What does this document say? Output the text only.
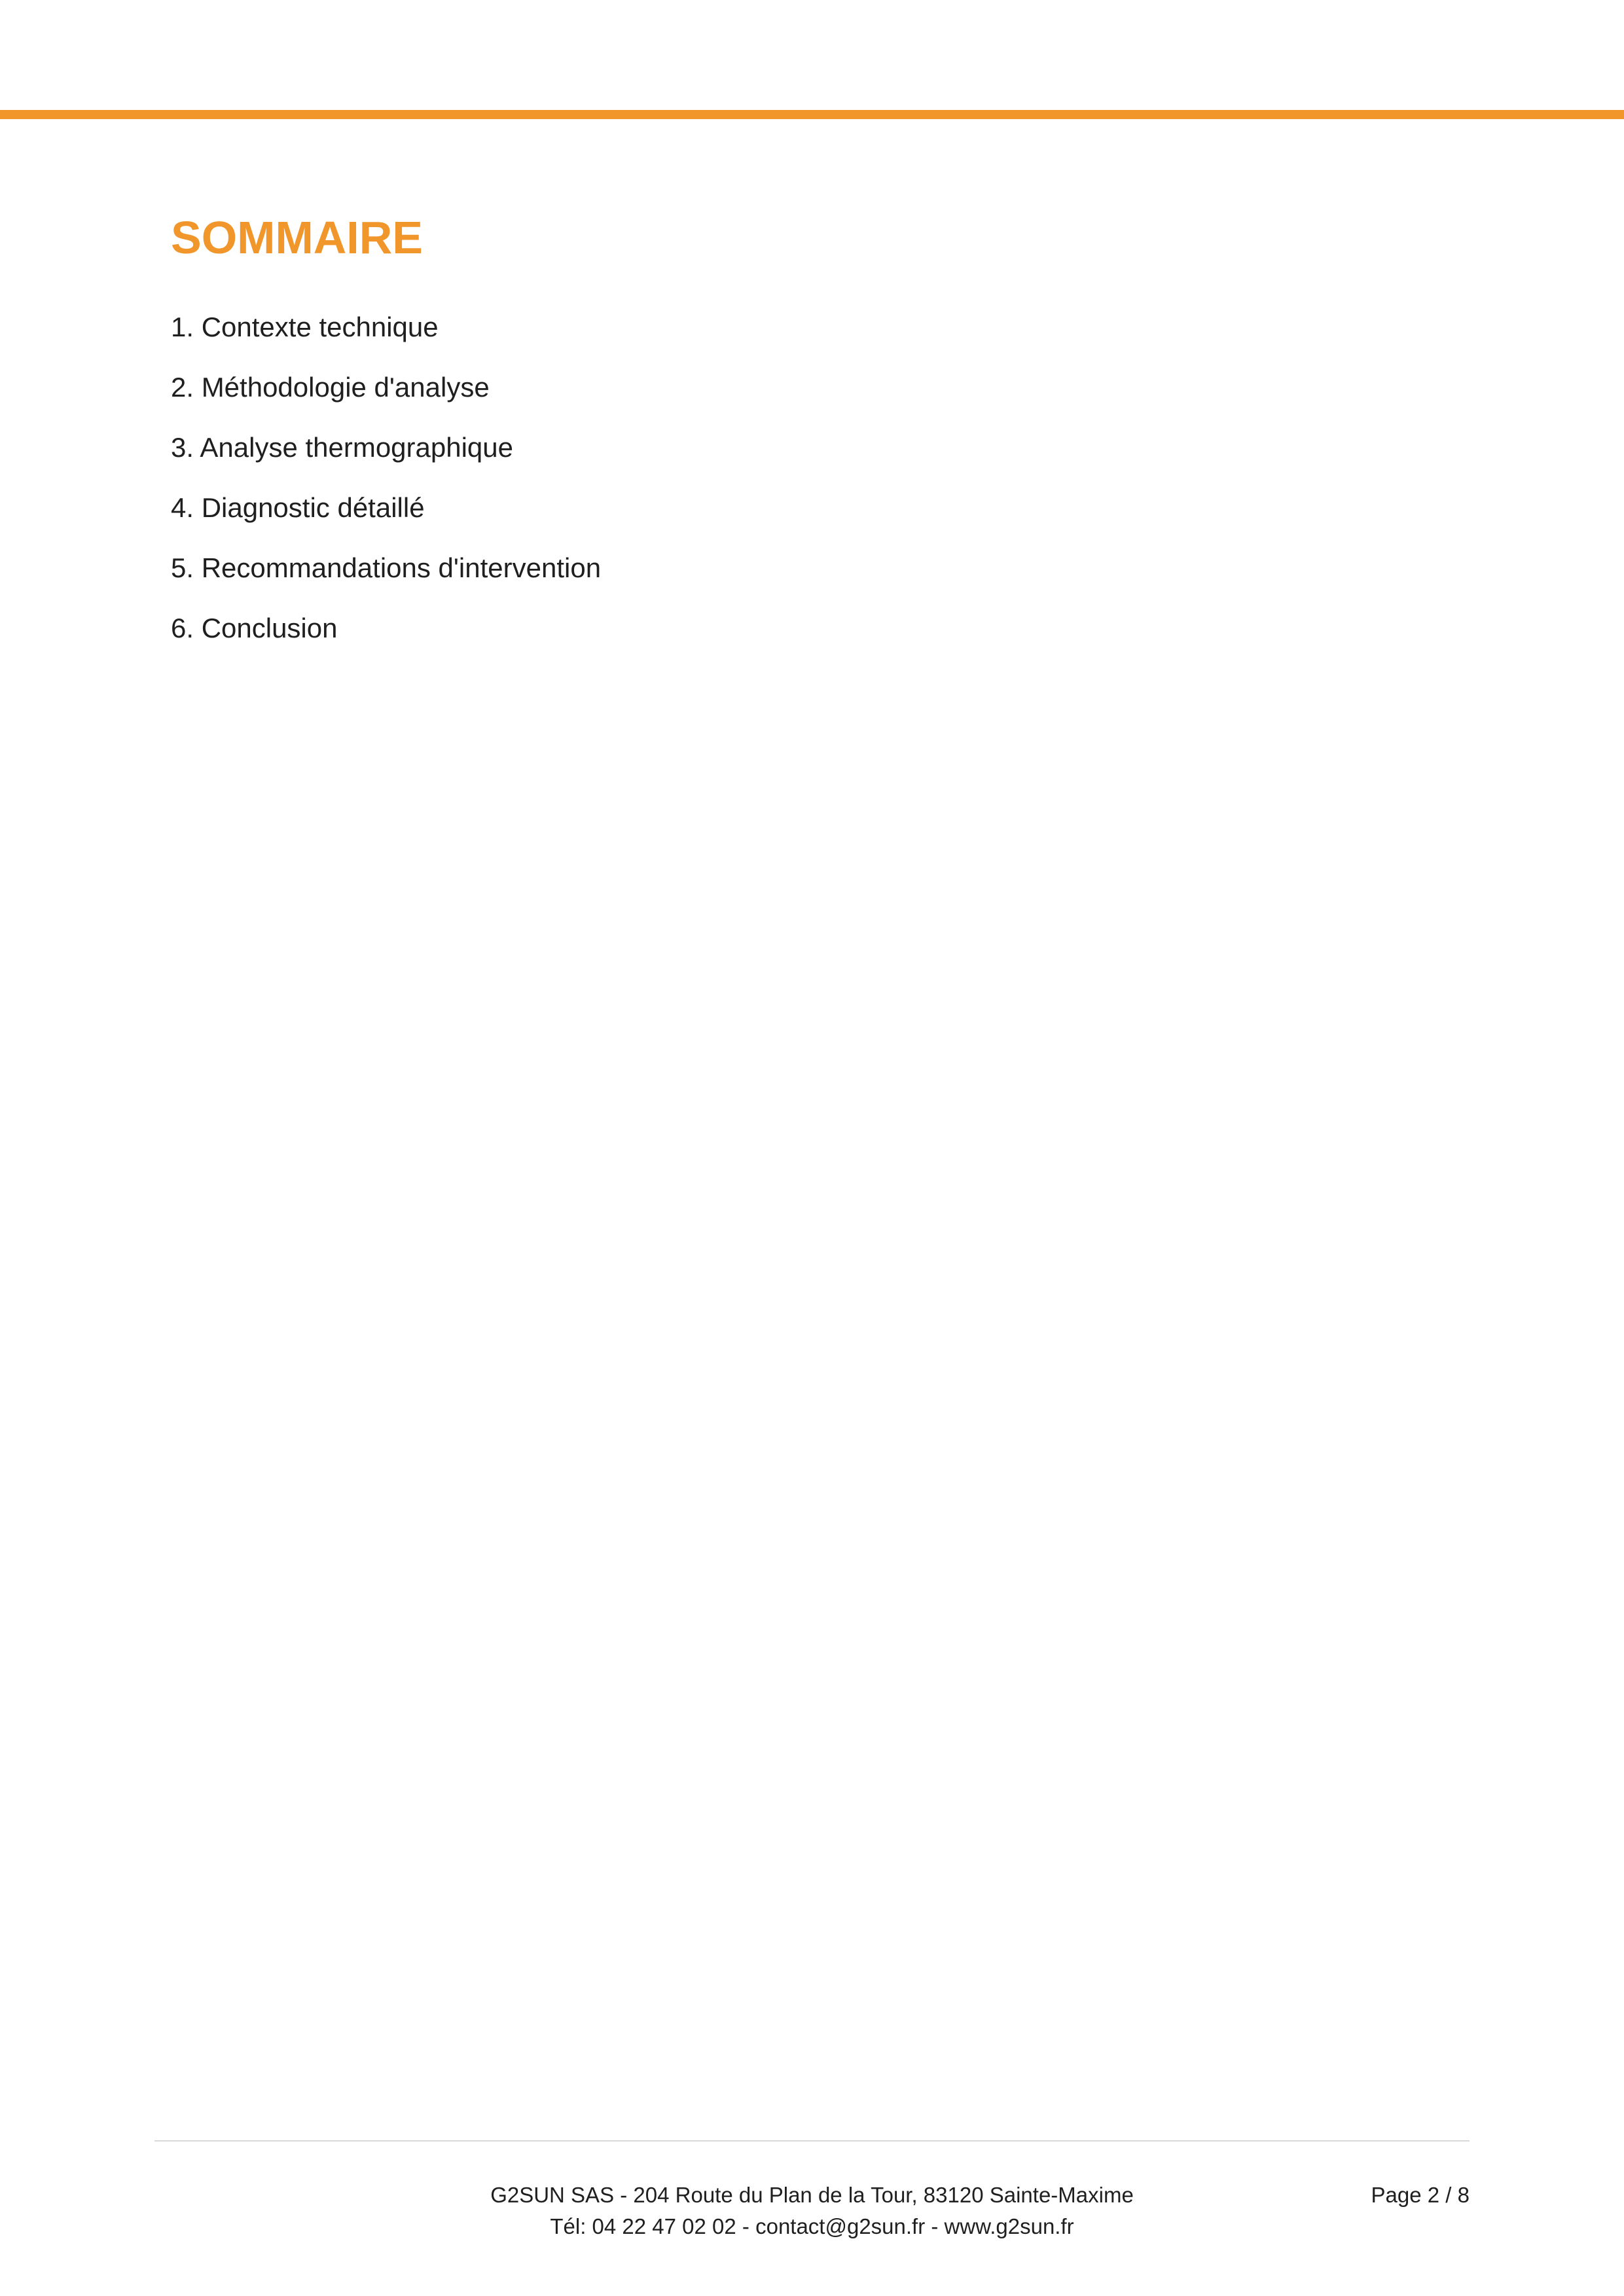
SOMMAIRE
1. Contexte technique
2. Méthodologie d'analyse
3. Analyse thermographique
4. Diagnostic détaillé
5. Recommandations d'intervention
6. Conclusion
G2SUN SAS - 204 Route du Plan de la Tour, 83120 Sainte-Maxime
Tél: 04 22 47 02 02 - contact@g2sun.fr - www.g2sun.fr
Page 2 / 8
